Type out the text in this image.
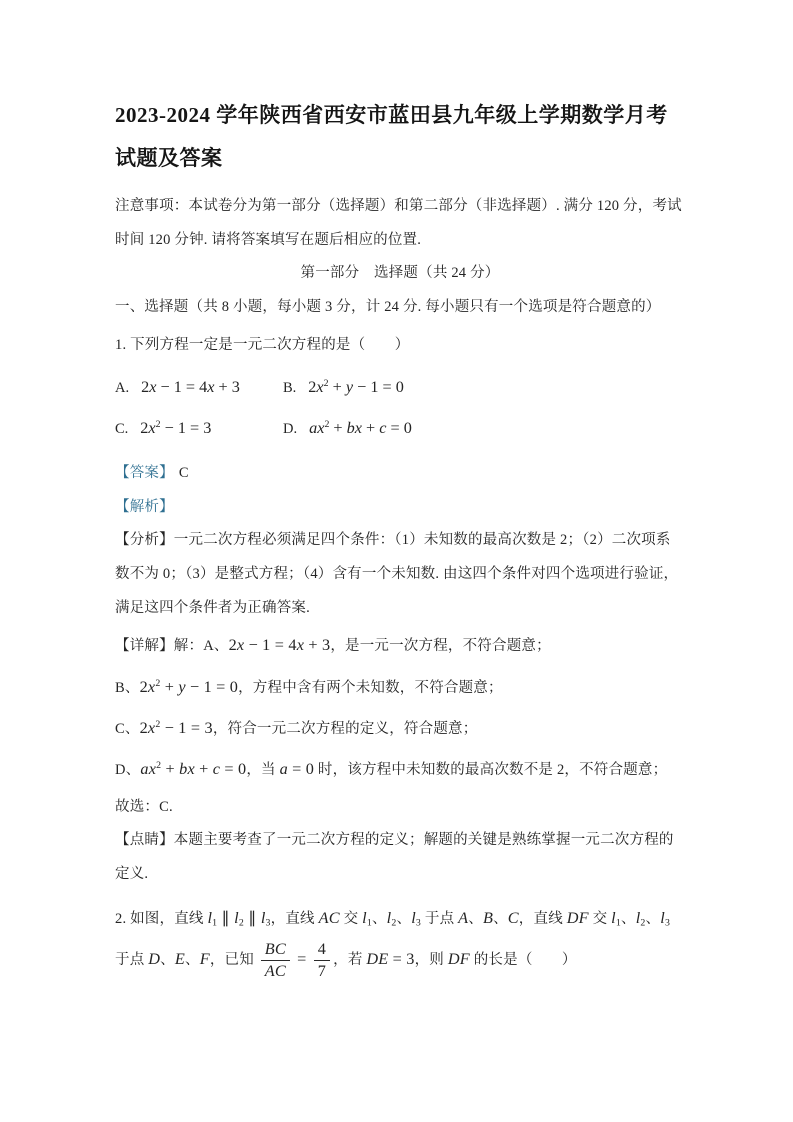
2023-2024 学年陕西省西安市蓝田县九年级上学期数学月考试题及答案

注意事项：本试卷分为第一部分（选择题）和第二部分（非选择题）. 满分 120 分，考试时间 120 分钟. 请将答案填写在题后相应的位置.

第一部分　选择题（共 24 分）

一、选择题（共 8 小题，每小题 3 分，计 24 分. 每小题只有一个选项是符合题意的）

1. 下列方程一定是一元二次方程的是（　　）

A. 2x − 1 = 4x + 3	B. $2x^2 + y - 1 = 0$
C. $2x^2 - 1 = 3$	D. $ax^2$ + bx + c = 0

【答案】 C

【解析】

【分析】一元二次方程必须满足四个条件：（1）未知数的最高次数是 2；（2）二次项系数不为 0；（3）是整式方程；（4）含有一个未知数. 由这四个条件对四个选项进行验证，满足这四个条件者为正确答案.

【详解】解：A、2x − 1 = 4x + 3，是一元一次方程，不符合题意；

B、$2x^2 + y - 1 = 0$，方程中含有两个未知数，不符合题意；

C、$2x^2 - 1 = 3$，符合一元二次方程的定义，符合题意；

D、$ax^2$ + bx + c = 0，当 a = 0 时，该方程中未知数的最高次数不是 2，不符合题意；

故选：C.

【点睛】本题主要考查了一元二次方程的定义；解题的关键是熟练掌握一元二次方程的定义.

2. 如图，直线 $l_1$ ∥ $l_2$ ∥ $l_3$，直线 AC 交 $l_1$、$l_2$、$l_3$ 于点 A、B、C，直线 DF 交 $l_1$、$l_2$、$l_3$ 于点 D、E、F，已知 $\frac{BC}{AC} = \frac{4}{7}$ ，若 DE = 3，则 DF 的长是（　　）
